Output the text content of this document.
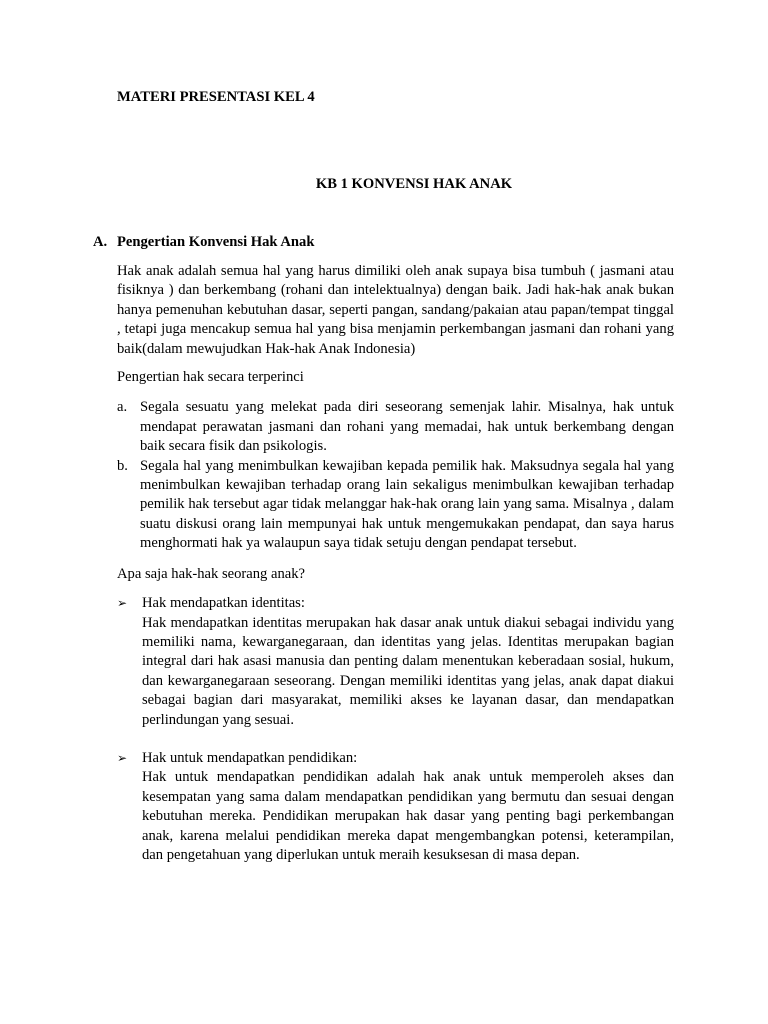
MATERI PRESENTASI KEL 4

KB 1 KONVENSI HAK ANAK

A. Pengertian Konvensi Hak Anak

Hak anak adalah semua hal yang harus dimiliki oleh anak supaya bisa tumbuh ( jasmani atau fisiknya ) dan berkembang (rohani dan intelektualnya) dengan baik. Jadi hak-hak anak bukan hanya pemenuhan kebutuhan dasar, seperti pangan, sandang/pakaian atau papan/tempat tinggal , tetapi juga mencakup semua hal yang bisa menjamin perkembangan jasmani dan rohani yang baik(dalam mewujudkan Hak-hak Anak Indonesia)

Pengertian hak secara terperinci

a. Segala sesuatu yang melekat pada diri seseorang semenjak lahir. Misalnya, hak untuk mendapat perawatan jasmani dan rohani yang memadai, hak untuk berkembang dengan baik secara fisik dan psikologis.
b. Segala hal yang menimbulkan kewajiban kepada pemilik hak. Maksudnya segala hal yang menimbulkan kewajiban terhadap orang lain sekaligus menimbulkan kewajiban terhadap pemilik hak tersebut agar tidak melanggar hak-hak orang lain yang sama. Misalnya , dalam suatu diskusi orang lain mempunyai hak untuk mengemukakan pendapat, dan saya harus menghormati hak ya walaupun saya tidak setuju dengan pendapat tersebut.

Apa saja hak-hak seorang anak?

➢	Hak mendapatkan identitas:

Hak mendapatkan identitas merupakan hak dasar anak untuk diakui sebagai individu yang memiliki nama, kewarganegaraan, dan identitas yang jelas. Identitas merupakan bagian integral dari hak asasi manusia dan penting dalam menentukan keberadaan sosial, hukum, dan kewarganegaraan seseorang. Dengan memiliki identitas yang jelas, anak dapat diakui sebagai bagian dari masyarakat, memiliki akses ke layanan dasar, dan mendapatkan perlindungan yang sesuai.

➢	Hak untuk mendapatkan pendidikan:

Hak untuk mendapatkan pendidikan adalah hak anak untuk memperoleh akses dan kesempatan yang sama dalam mendapatkan pendidikan yang bermutu dan sesuai dengan kebutuhan mereka. Pendidikan merupakan hak dasar yang penting bagi perkembangan anak, karena melalui pendidikan mereka dapat mengembangkan potensi, keterampilan, dan pengetahuan yang diperlukan untuk meraih kesuksesan di masa depan.
